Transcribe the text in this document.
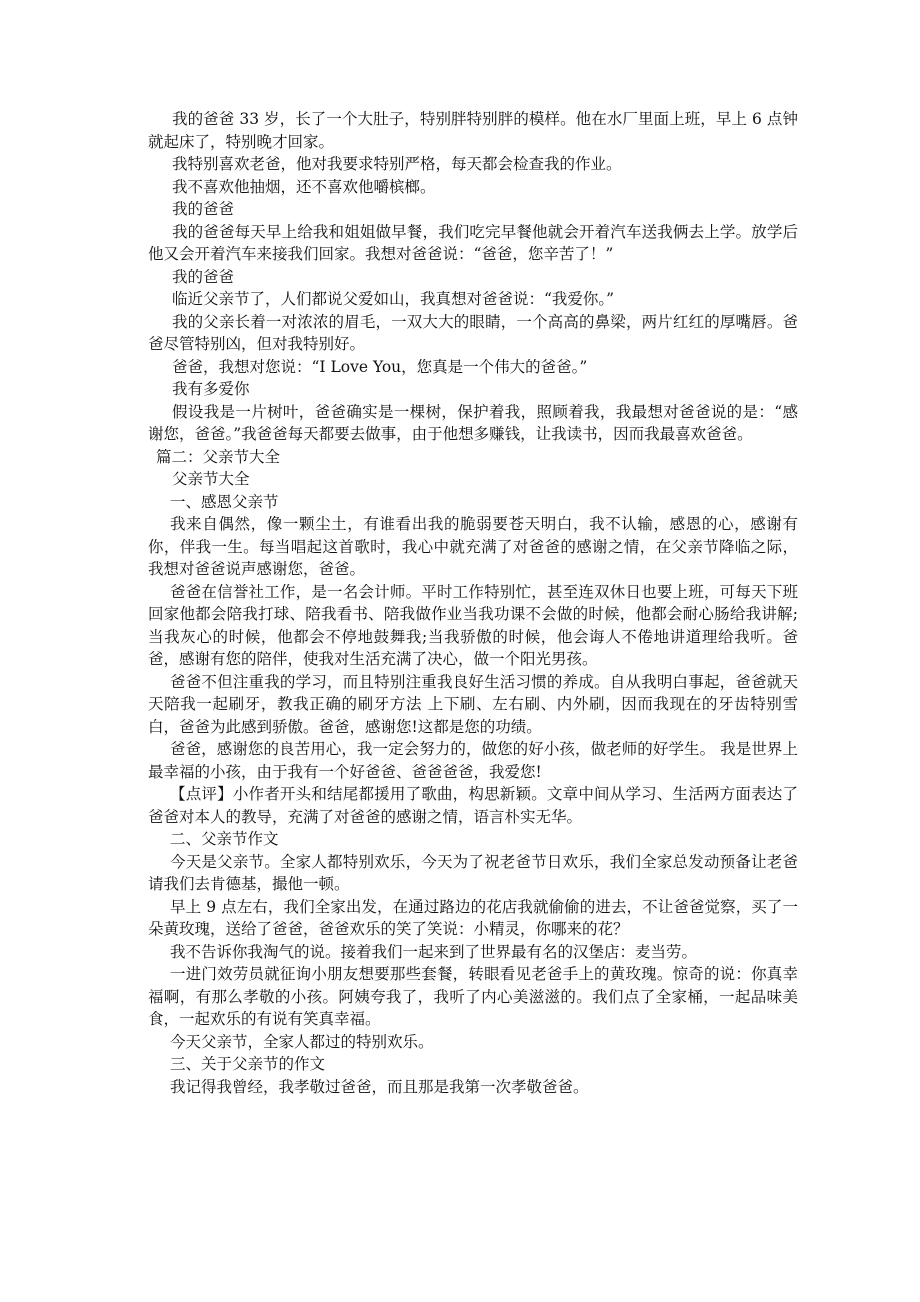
我的爸爸 33 岁，长了一个大肚子，特别胖特别胖的模样。他在水厂里面上班，早上 6 点钟就起床了，特别晚才回家。

我特别喜欢老爸，他对我要求特别严格，每天都会检查我的作业。

我不喜欢他抽烟，还不喜欢他嚼槟榔。

我的爸爸

我的爸爸每天早上给我和姐姐做早餐，我们吃完早餐他就会开着汽车送我俩去上学。放学后他又会开着汽车来接我们回家。我想对爸爸说：“爸爸，您辛苦了！”

我的爸爸

临近父亲节了，人们都说父爱如山，我真想对爸爸说：“我爱你。”

我的父亲长着一对浓浓的眉毛，一双大大的眼睛，一个高高的鼻梁，两片红红的厚嘴唇。爸爸尽管特别凶，但对我特别好。

爸爸，我想对您说：“I Love You，您真是一个伟大的爸爸。”

我有多爱你

假设我是一片树叶，爸爸确实是一棵树，保护着我，照顾着我，我最想对爸爸说的是：“感谢您，爸爸。”我爸爸每天都要去做事，由于他想多赚钱，让我读书，因而我最喜欢爸爸。

篇二：父亲节大全

父亲节大全

一、感恩父亲节

我来自偶然，像一颗尘土，有谁看出我的脆弱要苍天明白，我不认输，感恩的心，感谢有你，伴我一生。每当唱起这首歌时，我心中就充满了对爸爸的感谢之情，在父亲节降临之际，我想对爸爸说声感谢您，爸爸。

爸爸在信誉社工作，是一名会计师。平时工作特别忙，甚至连双休日也要上班，可每天下班回家他都会陪我打球、陪我看书、陪我做作业当我功课不会做的时候，他都会耐心肠给我讲解;当我灰心的时候，他都会不停地鼓舞我;当我骄傲的时候，他会诲人不倦地讲道理给我听。爸爸，感谢有您的陪伴，使我对生活充满了决心，做一个阳光男孩。

爸爸不但注重我的学习，而且特别注重我良好生活习惯的养成。自从我明白事起，爸爸就天天陪我一起刷牙，教我正确的刷牙方法 上下刷、左右刷、内外刷，因而我现在的牙齿特别雪白，爸爸为此感到骄傲。爸爸，感谢您!这都是您的功绩。

爸爸，感谢您的良苦用心，我一定会努力的，做您的好小孩，做老师的好学生。 我是世界上最幸福的小孩，由于我有一个好爸爸、爸爸爸爸，我爱您!

【点评】小作者开头和结尾都援用了歌曲，构思新颖。文章中间从学习、生活两方面表达了爸爸对本人的教导，充满了对爸爸的感谢之情，语言朴实无华。

二、父亲节作文

今天是父亲节。全家人都特别欢乐，今天为了祝老爸节日欢乐，我们全家总发动预备让老爸请我们去肯德基，撮他一顿。

早上 9 点左右，我们全家出发，在通过路边的花店我就偷偷的进去，不让爸爸觉察，买了一朵黄玫瑰，送给了爸爸，爸爸欢乐的笑了笑说：小精灵，你哪来的花？

我不告诉你我淘气的说。接着我们一起来到了世界最有名的汉堡店：麦当劳。

一进门效劳员就征询小朋友想要那些套餐，转眼看见老爸手上的黄玫瑰。惊奇的说：你真幸福啊，有那么孝敬的小孩。阿姨夸我了，我听了内心美滋滋的。我们点了全家桶，一起品味美食，一起欢乐的有说有笑真幸福。

今天父亲节，全家人都过的特别欢乐。

三、关于父亲节的作文

我记得我曾经，我孝敬过爸爸，而且那是我第一次孝敬爸爸。
